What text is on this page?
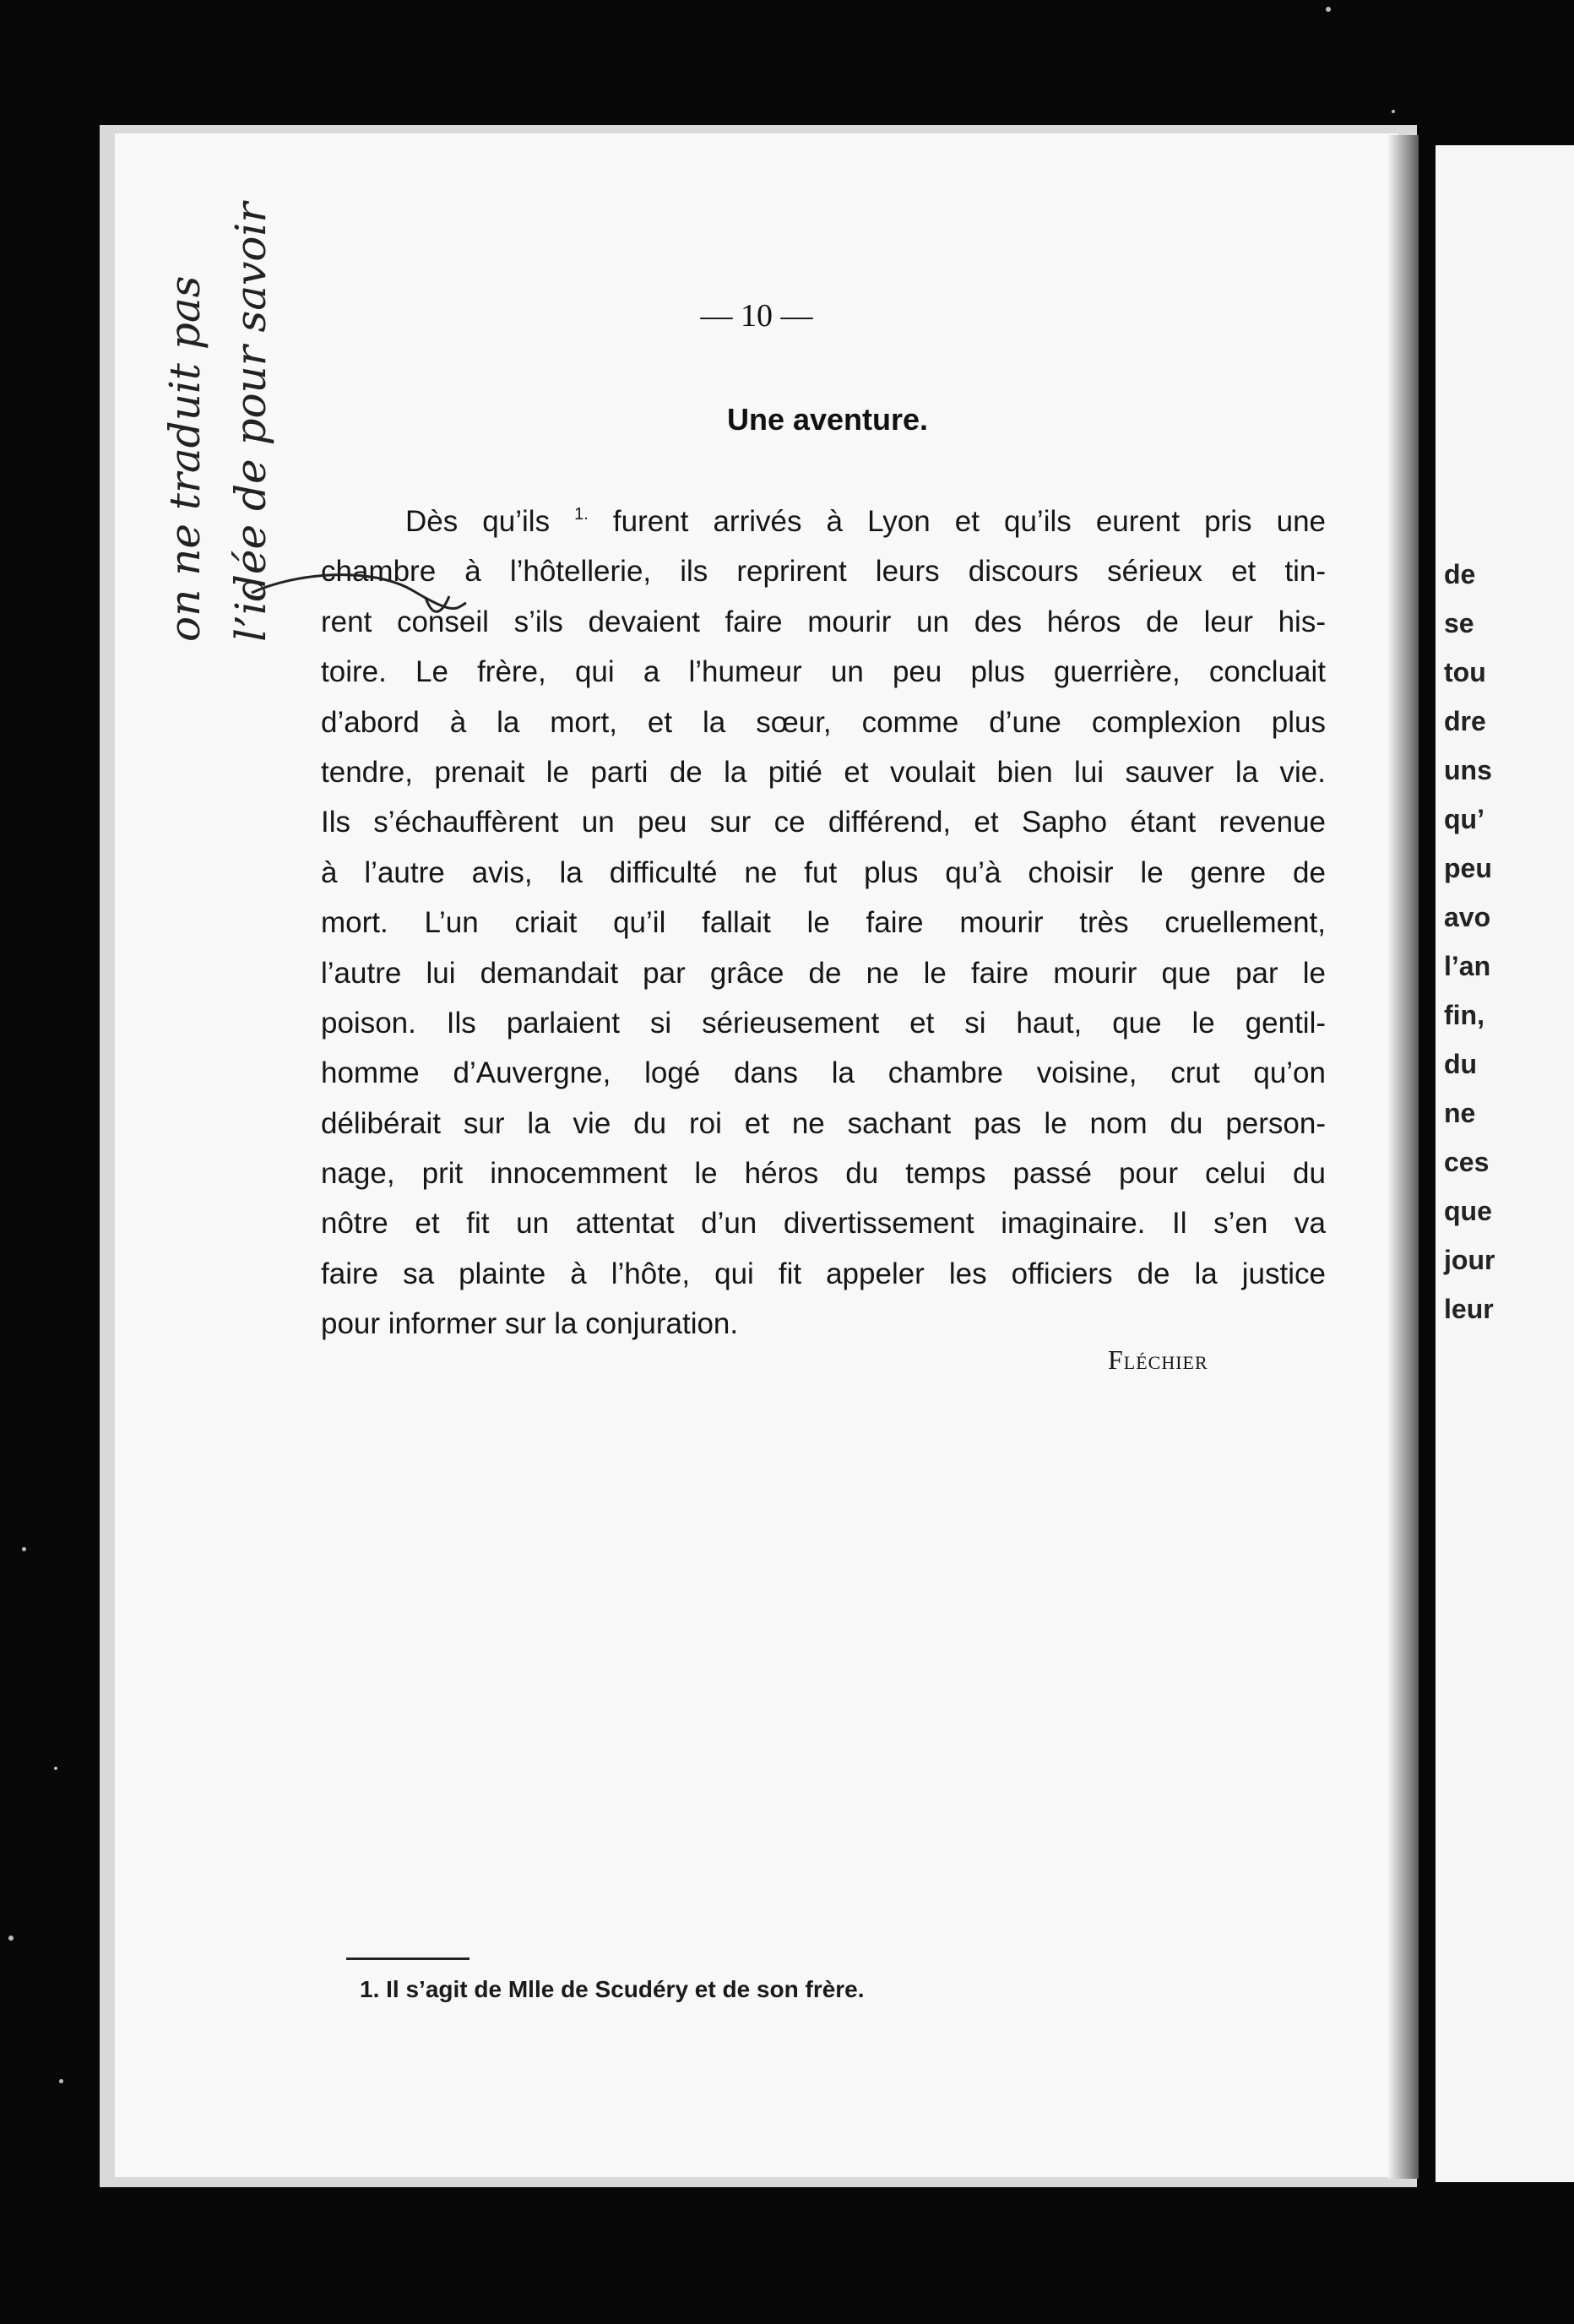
de
se
tou
dre
uns
qu’
peu
avo
l’an
fin,
du
ne
ces
que
jour
leur
— 10 —
Une aventure.
Dès qu’ils $^{1.}$ furent arrivés à Lyon et qu’ils eurent pris une
chambre à l’hôtellerie, ils reprirent leurs discours sérieux et tin-
rent conseil s’ils devaient faire mourir un des héros de leur his-
toire. Le frère, qui a l’humeur un peu plus guerrière, concluait
d’abord à la mort, et la sœur, comme d’une complexion plus
tendre, prenait le parti de la pitié et voulait bien lui sauver la vie.
Ils s’échauffèrent un peu sur ce différend, et Sapho étant revenue
à l’autre avis, la difficulté ne fut plus qu’à choisir le genre de
mort. L’un criait qu’il fallait le faire mourir très cruellement,
l’autre lui demandait par grâce de ne le faire mourir que par le
poison. Ils parlaient si sérieusement et si haut, que le gentil-
homme d’Auvergne, logé dans la chambre voisine, crut qu’on
délibérait sur la vie du roi et ne sachant pas le nom du person-
nage, prit innocemment le héros du temps passé pour celui du
nôtre et fit un attentat d’un divertissement imaginaire. Il s’en va
faire sa plainte à l’hôte, qui fit appeler les officiers de la justice
pour informer sur la conjuration.
Fléchier
1. Il s’agit de Mlle de Scudéry et de son frère.
on ne traduit pas l’idée de pour savoir
